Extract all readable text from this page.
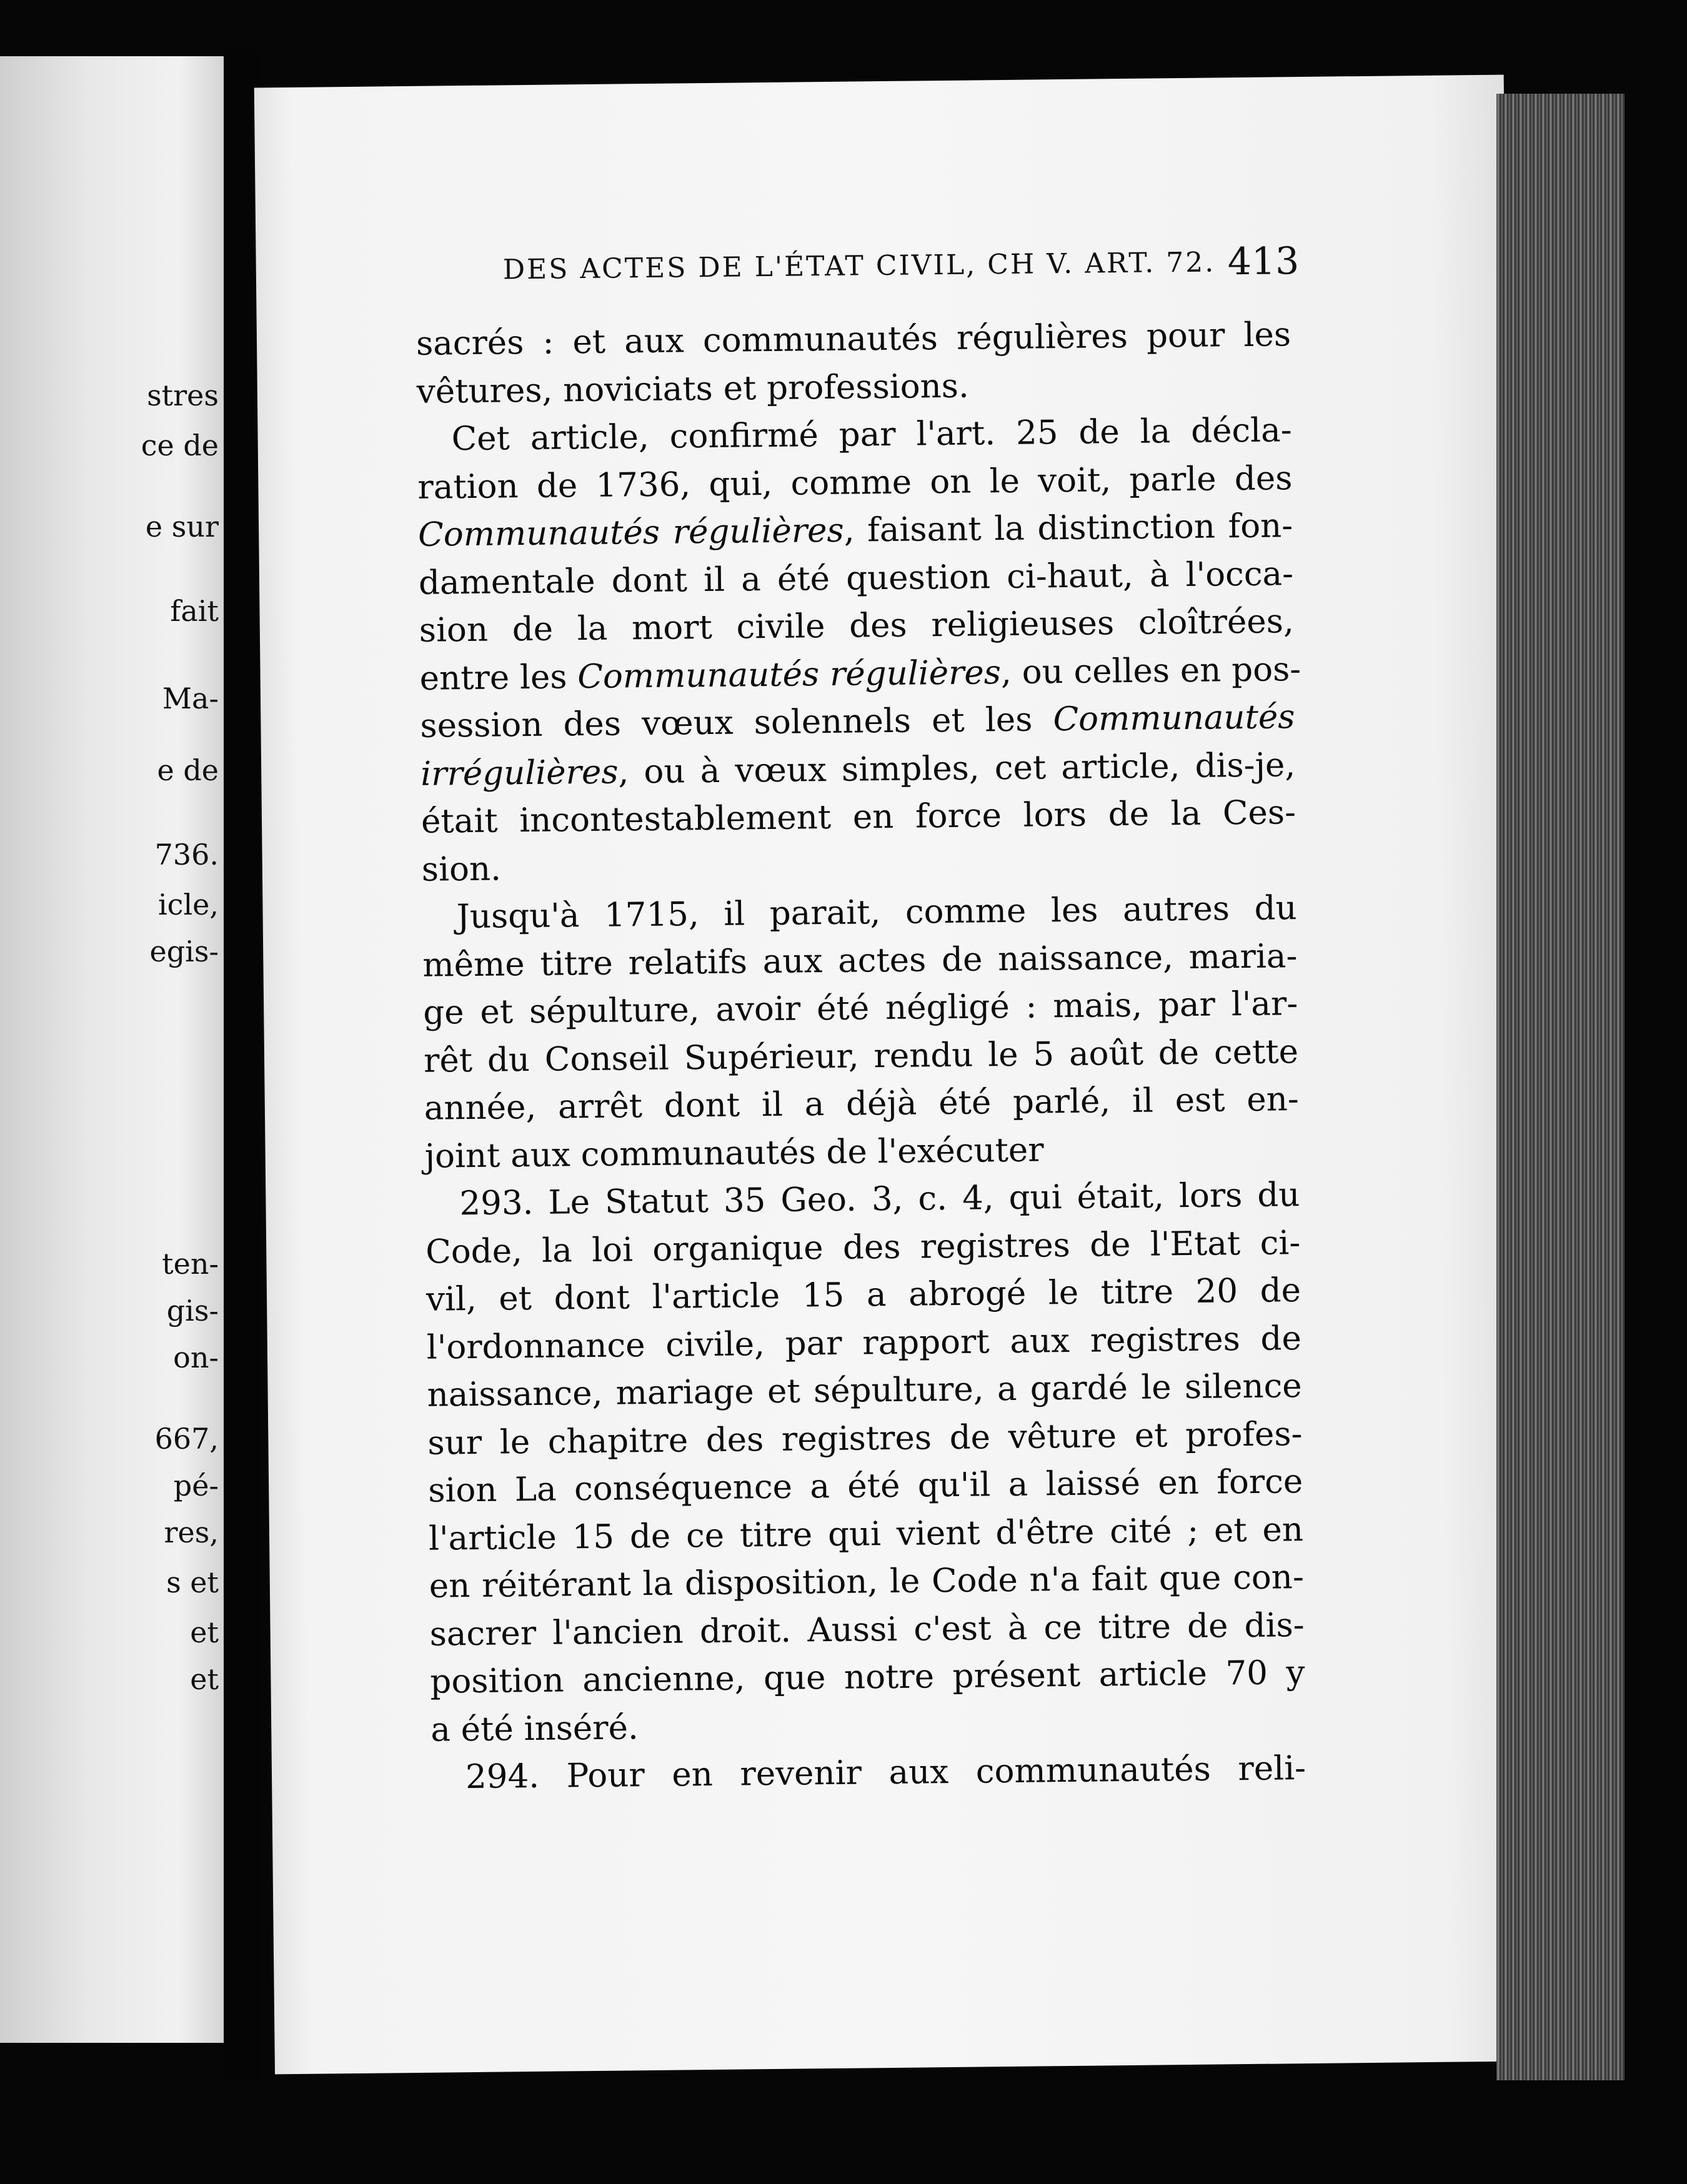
stres

ce de

e sur

fait

Ma-

e de

736.

icle,

egis-

ten-

gis-

on-

667,

pé-

res,

s et

et

et

DES ACTES DE L'ÉTAT CIVIL, CH V. ART. 72. 413
sacrés : et aux communautés régulières pour les
vêtures, noviciats et professions.
Cet article, confirmé par l'art. 25 de la décla-
ration de 1736, qui, comme on le voit, parle des
Communautés régulières, faisant la distinction fon-
damentale dont il a été question ci-haut, à l'occa-
sion de la mort civile des religieuses cloîtrées,
entre les Communautés régulières, ou celles en pos-
session des vœux solennels et les Communautés
irrégulières, ou à vœux simples, cet article, dis-je,
était incontestablement en force lors de la Ces-
sion.
Jusqu'à 1715, il parait, comme les autres du
même titre relatifs aux actes de naissance, maria-
ge et sépulture, avoir été négligé : mais, par l'ar-
rêt du Conseil Supérieur, rendu le 5 août de cette
année, arrêt dont il a déjà été parlé, il est en-
joint aux communautés de l'exécuter
293. Le Statut 35 Geo. 3, c. 4, qui était, lors du
Code, la loi organique des registres de l'Etat ci-
vil, et dont l'article 15 a abrogé le titre 20 de
l'ordonnance civile, par rapport aux registres de
naissance, mariage et sépulture, a gardé le silence
sur le chapitre des registres de vêture et profes-
sion La conséquence a été qu'il a laissé en force
l'article 15 de ce titre qui vient d'être cité ; et en
en réitérant la disposition, le Code n'a fait que con-
sacrer l'ancien droit. Aussi c'est à ce titre de dis-
position ancienne, que notre présent article 70 y
a été inséré.
294. Pour en revenir aux communautés reli-
